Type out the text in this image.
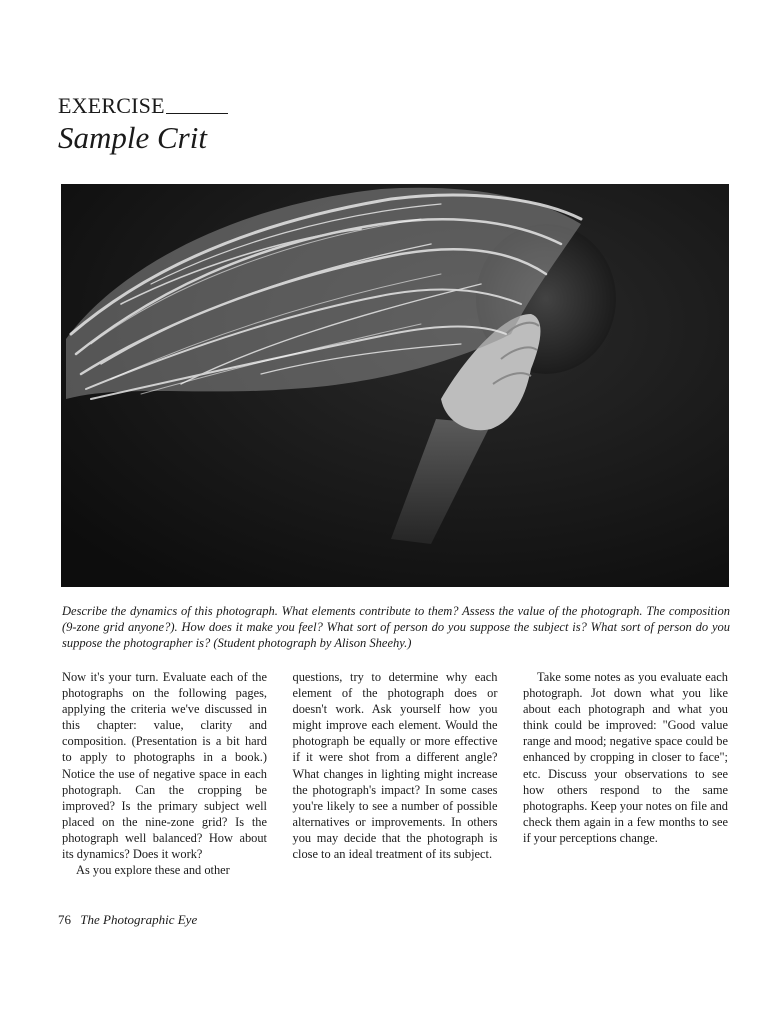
EXERCISE
Sample Crit
Describe the dynamics of this photograph. What elements contribute to them? Assess the value of the photograph. The composition (9-zone grid anyone?). How does it make you feel? What sort of person do you suppose the subject is? What sort of person do you suppose the photographer is? (Student photograph by Alison Sheehy.)

Now it's your turn. Evaluate each of the photographs on the following pages, applying the criteria we've discussed in this chapter: value, clarity and composition. (Presentation is a bit hard to apply to photographs in a book.) Notice the use of negative space in each photograph. Can the cropping be improved? Is the primary subject well placed on the nine-zone grid? Is the photograph well balanced? How about its dynamics? Does it work?

As you explore these and other

questions, try to determine why each element of the photograph does or doesn't work. Ask yourself how you might improve each element. Would the photograph be equally or more effective if it were shot from a different angle? What changes in lighting might increase the photograph's impact? In some cases you're likely to see a number of possible alternatives or improvements. In others you may decide that the photograph is close to an ideal treatment of its subject.

Take some notes as you evaluate each photograph. Jot down what you like about each photograph and what you think could be improved: "Good value range and mood; negative space could be enhanced by cropping in closer to face"; etc. Discuss your observations to see how others respond to the same photographs. Keep your notes on file and check them again in a few months to see if your perceptions change.

76 The Photographic Eye
